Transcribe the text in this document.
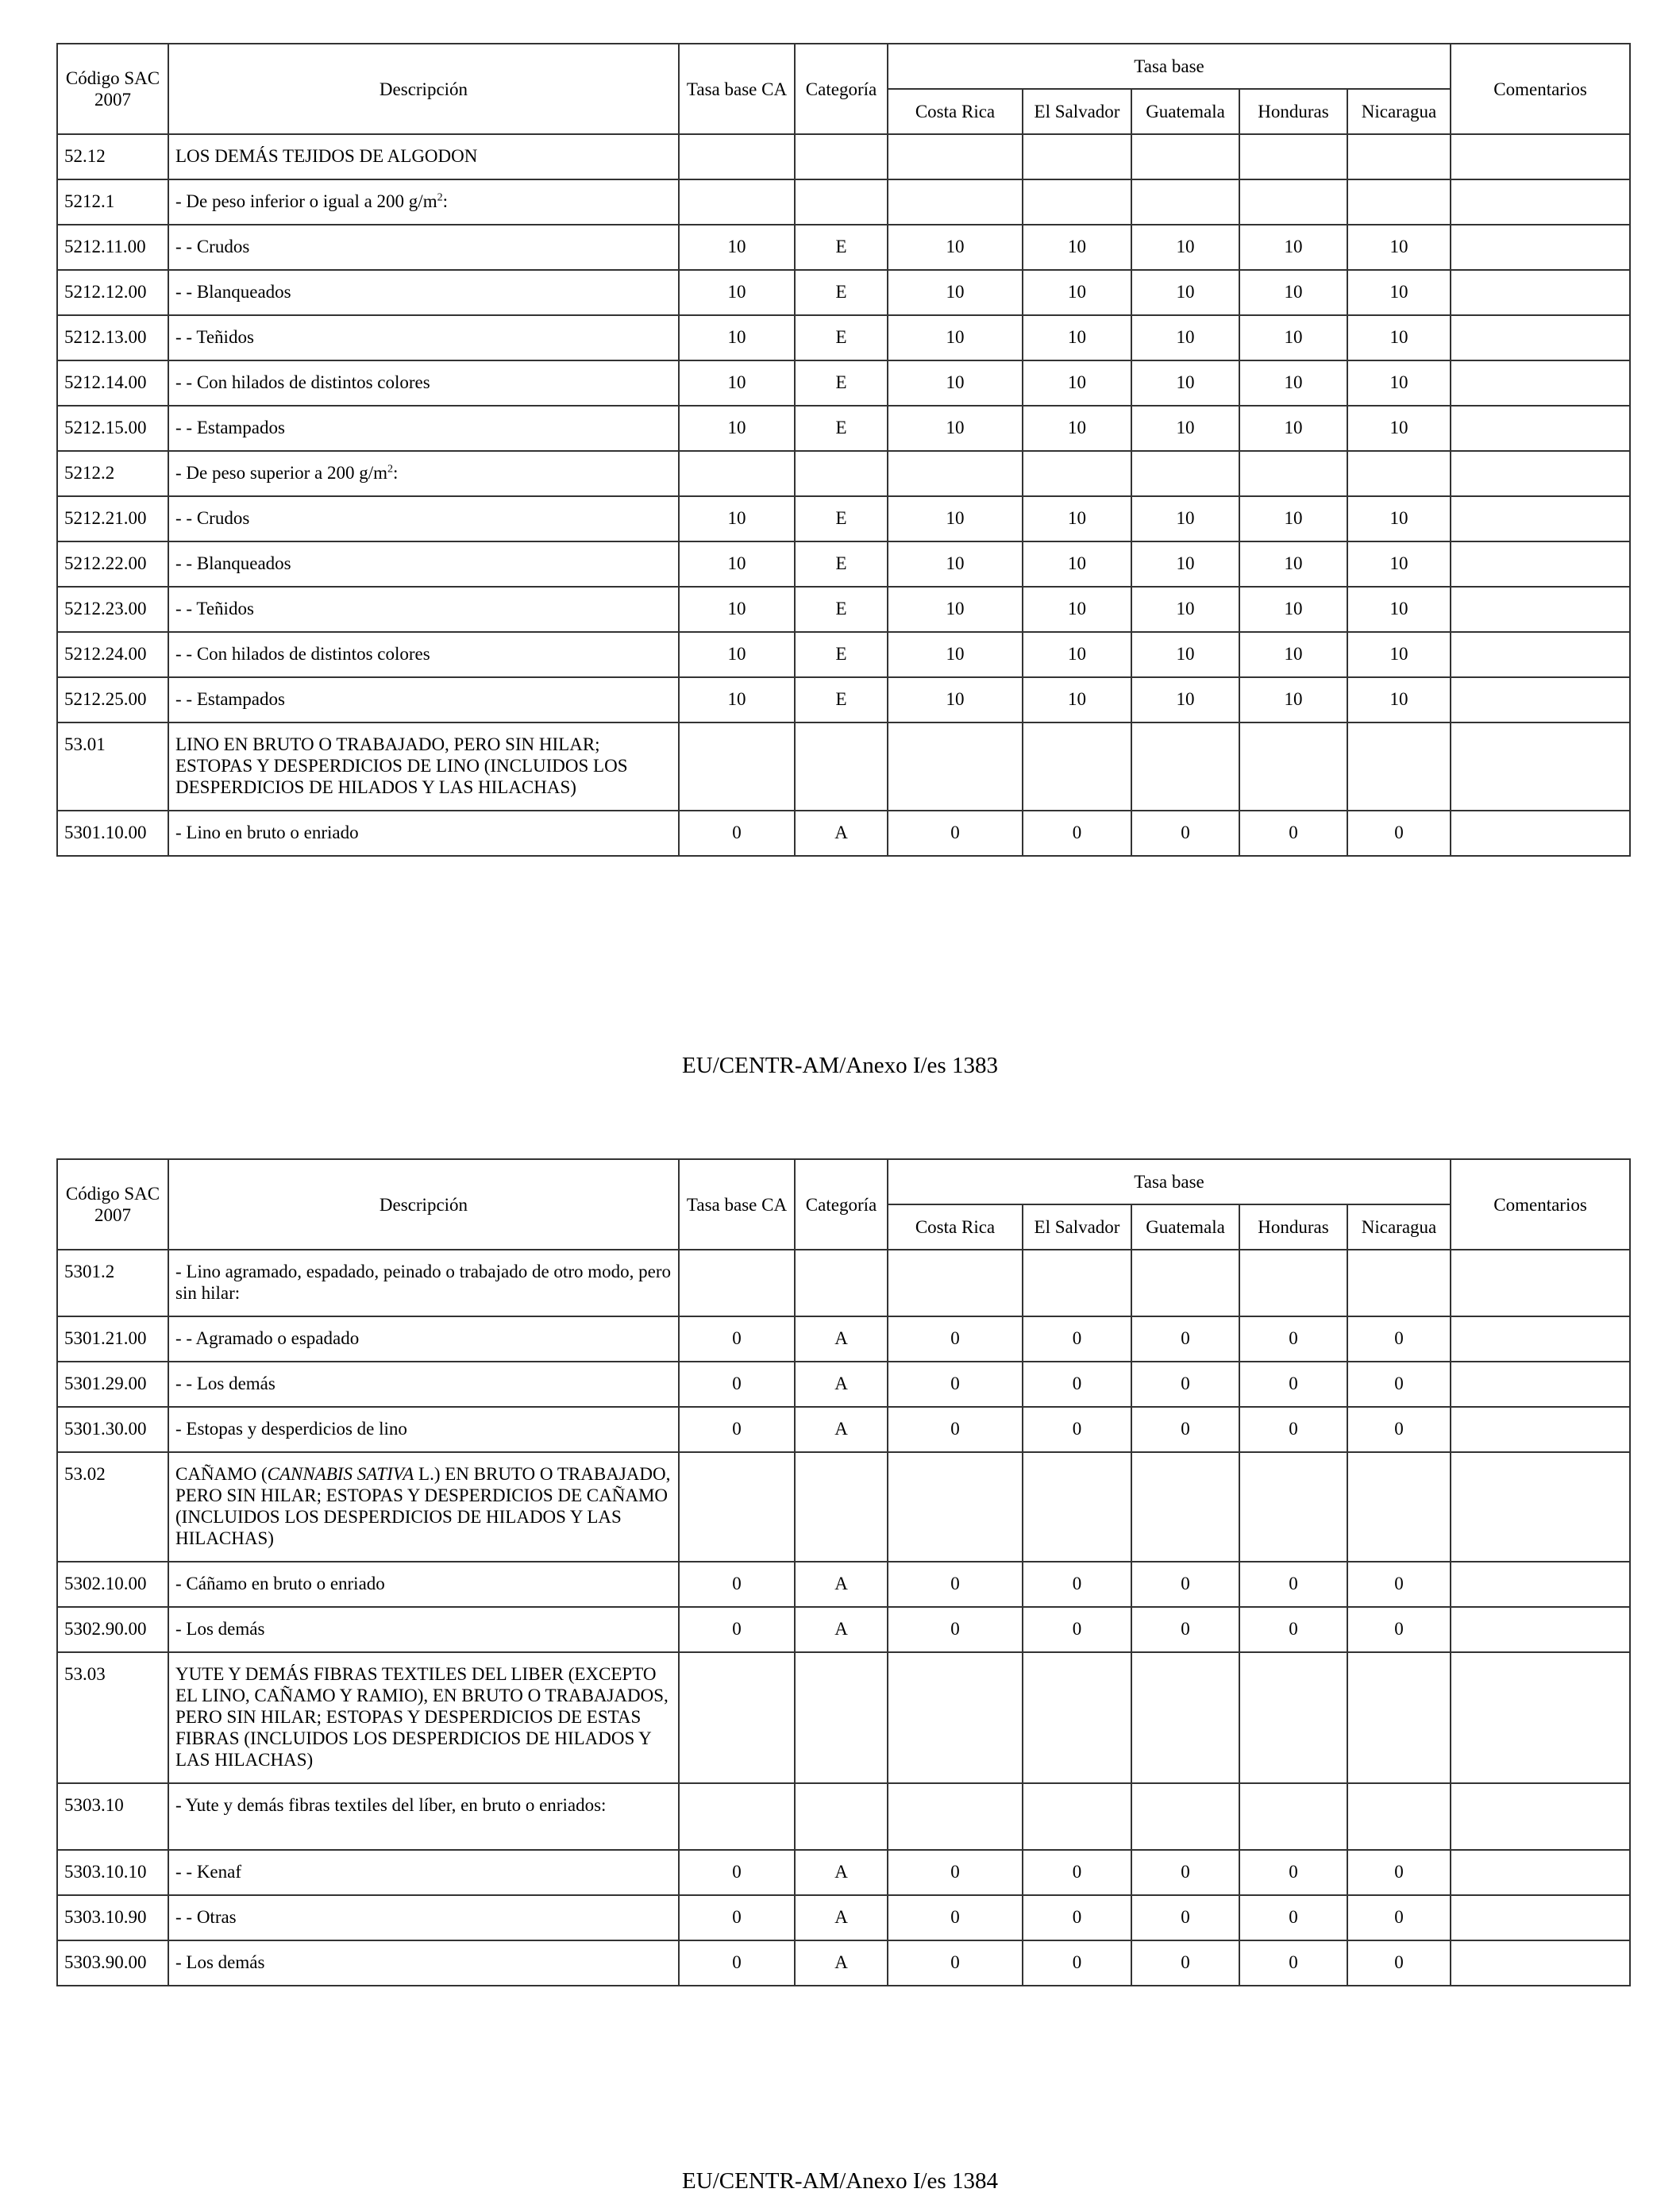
Código SAC 2007	Descripción	Tasa base CA	Categoría	Tasa base					Comentarios
				Costa Rica	El Salvador	Guatemala	Honduras	Nicaragua	
52.12	LOS DEMÁS TEJIDOS DE ALGODON								
5212.1	- De peso inferior o igual a 200 $g/m^2$:								
5212.11.00	- - Crudos	10	E	10	10	10	10	10	
5212.12.00	- - Blanqueados	10	E	10	10	10	10	10	
5212.13.00	- - Teñidos	10	E	10	10	10	10	10	
5212.14.00	- - Con hilados de distintos colores	10	E	10	10	10	10	10	
5212.15.00	- - Estampados	10	E	10	10	10	10	10	
5212.2	- De peso superior a 200 $g/m^2$:								
5212.21.00	- - Crudos	10	E	10	10	10	10	10	
5212.22.00	- - Blanqueados	10	E	10	10	10	10	10	
5212.23.00	- - Teñidos	10	E	10	10	10	10	10	
5212.24.00	- - Con hilados de distintos colores	10	E	10	10	10	10	10	
5212.25.00	- - Estampados	10	E	10	10	10	10	10	
53.01	LINO EN BRUTO O TRABAJADO, PERO SIN HILAR; ESTOPAS Y DESPERDICIOS DE LINO (INCLUIDOS LOS DESPERDICIOS DE HILADOS Y LAS HILACHAS)								
5301.10.00	- Lino en bruto o enriado	0	A	0	0	0	0	0	
EU/CENTR-AM/Anexo I/es 1383
Código SAC 2007	Descripción	Tasa base CA	Categoría	Tasa base					Comentarios
				Costa Rica	El Salvador	Guatemala	Honduras	Nicaragua	
5301.2	- Lino agramado, espadado, peinado o trabajado de otro modo, pero sin hilar:								
5301.21.00	- - Agramado o espadado	0	A	0	0	0	0	0	
5301.29.00	- - Los demás	0	A	0	0	0	0	0	
5301.30.00	- Estopas y desperdicios de lino	0	A	0	0	0	0	0	
53.02	CAÑAMO (CANNABIS SATIVA L.) EN BRUTO O TRABAJADO, PERO SIN HILAR; ESTOPAS Y DESPERDICIOS DE CAÑAMO (INCLUIDOS LOS DESPERDICIOS DE HILADOS Y LAS HILACHAS)								
5302.10.00	- Cáñamo en bruto o enriado	0	A	0	0	0	0	0	
5302.90.00	- Los demás	0	A	0	0	0	0	0	
53.03	YUTE Y DEMÁS FIBRAS TEXTILES DEL LIBER (EXCEPTO EL LINO, CAÑAMO Y RAMIO), EN BRUTO O TRABAJADOS, PERO SIN HILAR; ESTOPAS Y DESPERDICIOS DE ESTAS FIBRAS (INCLUIDOS LOS DESPERDICIOS DE HILADOS Y LAS HILACHAS)								
5303.10	- Yute y demás fibras textiles del líber, en bruto o enriados:								
5303.10.10	- - Kenaf	0	A	0	0	0	0	0	
5303.10.90	- - Otras	0	A	0	0	0	0	0	
5303.90.00	- Los demás	0	A	0	0	0	0	0	
EU/CENTR-AM/Anexo I/es 1384
